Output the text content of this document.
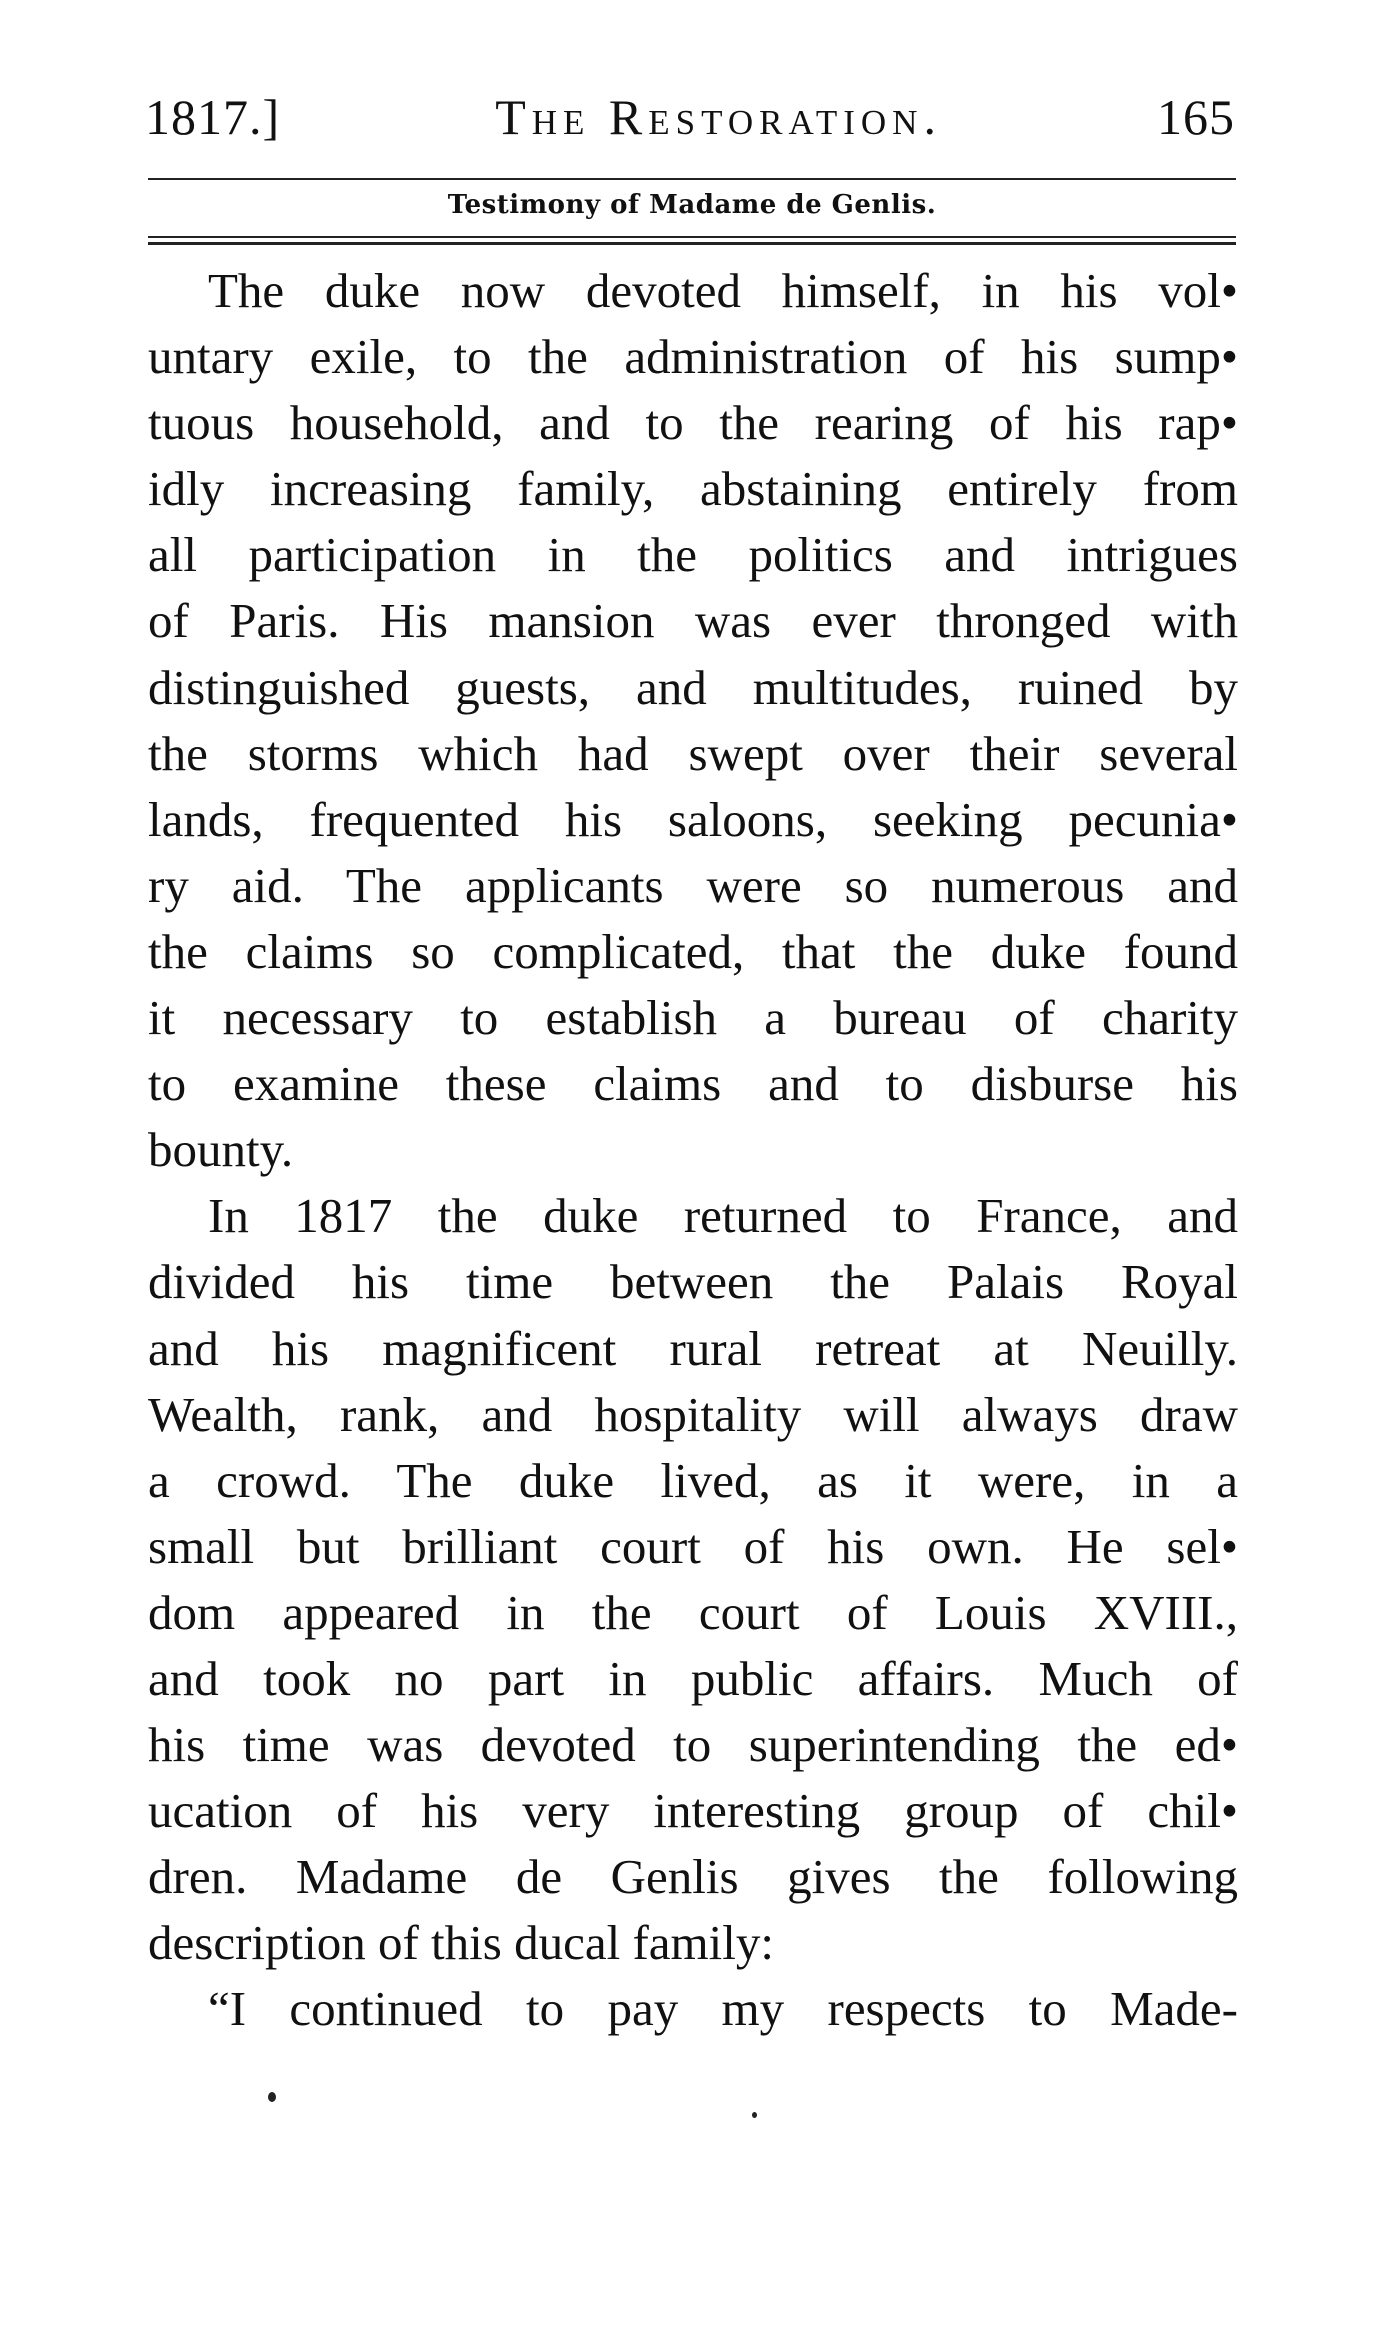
1817.]	The Restoration.	165
Testimony of Madame de Genlis.
The duke now devoted himself, in his vol•
untary exile, to the administration of his sump•
tuous household, and to the rearing of his rap•
idly increasing family, abstaining entirely from
all participation in the politics and intrigues
of Paris. His mansion was ever thronged with
distinguished guests, and multitudes, ruined by
the storms which had swept over their several
lands, frequented his saloons, seeking pecunia•
ry aid. The applicants were so numerous and
the claims so complicated, that the duke found
it necessary to establish a bureau of charity
to examine these claims and to disburse his
bounty.
In 1817 the duke returned to France, and
divided his time between the Palais Royal
and his magnificent rural retreat at Neuilly.
Wealth, rank, and hospitality will always draw
a crowd. The duke lived, as it were, in a
small but brilliant court of his own. He sel•
dom appeared in the court of Louis XVIII.,
and took no part in public affairs. Much of
his time was devoted to superintending the ed•
ucation of his very interesting group of chil•
dren. Madame de Genlis gives the following
description of this ducal family:
“I continued to pay my respects to Made-
